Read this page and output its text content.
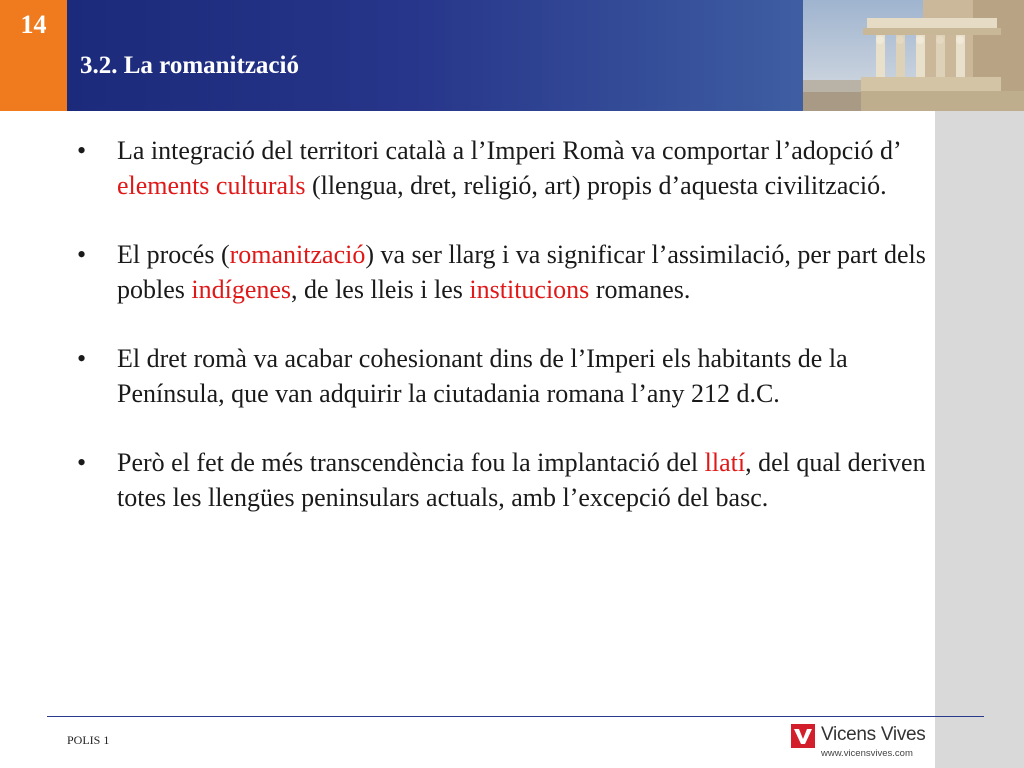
14
3.2. La romanització
•	La integració del territori català a l’Imperi Romà va comportar l’adopció d’ elements culturals (llengua, dret, religió, art) propis d’aquesta civilització.
•	El procés (romanització) va ser llarg i va significar l’assimilació, per part dels pobles indígenes, de les lleis i les institucions romanes.
•	El dret romà va acabar cohesionant dins de l’Imperi els habitants de la Península, que van adquirir la ciutadania romana l’any 212 d.C.
•	Però el fet de més transcendència fou la implantació del llatí, del qual deriven totes les llengües peninsulars actuals, amb l’excepció del basc.
POLIS 1	Vicens Vives
www.vicensvives.com
